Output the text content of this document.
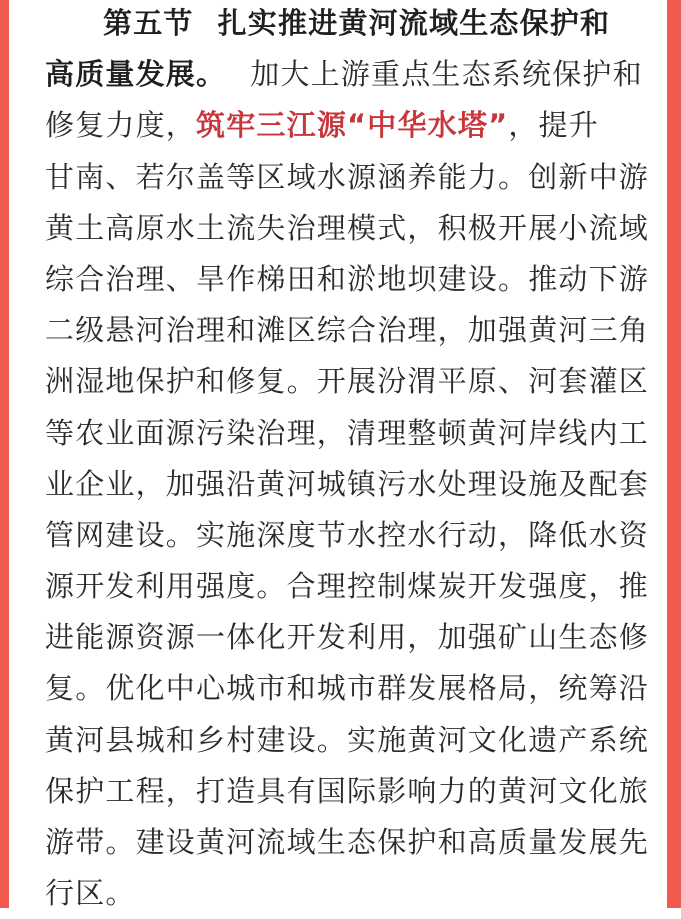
第五节 扎实推进黄河流域生态保护和
高质量发展。 加大上游重点生态系统保护和
修复力度，筑牢三江源“中华水塔”，提升
甘南、若尔盖等区域水源涵养能力。创新中游
黄土高原水土流失治理模式，积极开展小流域
综合治理、旱作梯田和淤地坝建设。推动下游
二级悬河治理和滩区综合治理，加强黄河三角
洲湿地保护和修复。开展汾渭平原、河套灌区
等农业面源污染治理，清理整顿黄河岸线内工
业企业，加强沿黄河城镇污水处理设施及配套
管网建设。实施深度节水控水行动，降低水资
源开发利用强度。合理控制煤炭开发强度，推
进能源资源一体化开发利用，加强矿山生态修
复。优化中心城市和城市群发展格局，统筹沿
黄河县城和乡村建设。实施黄河文化遗产系统
保护工程，打造具有国际影响力的黄河文化旅
游带。建设黄河流域生态保护和高质量发展先
行区。
